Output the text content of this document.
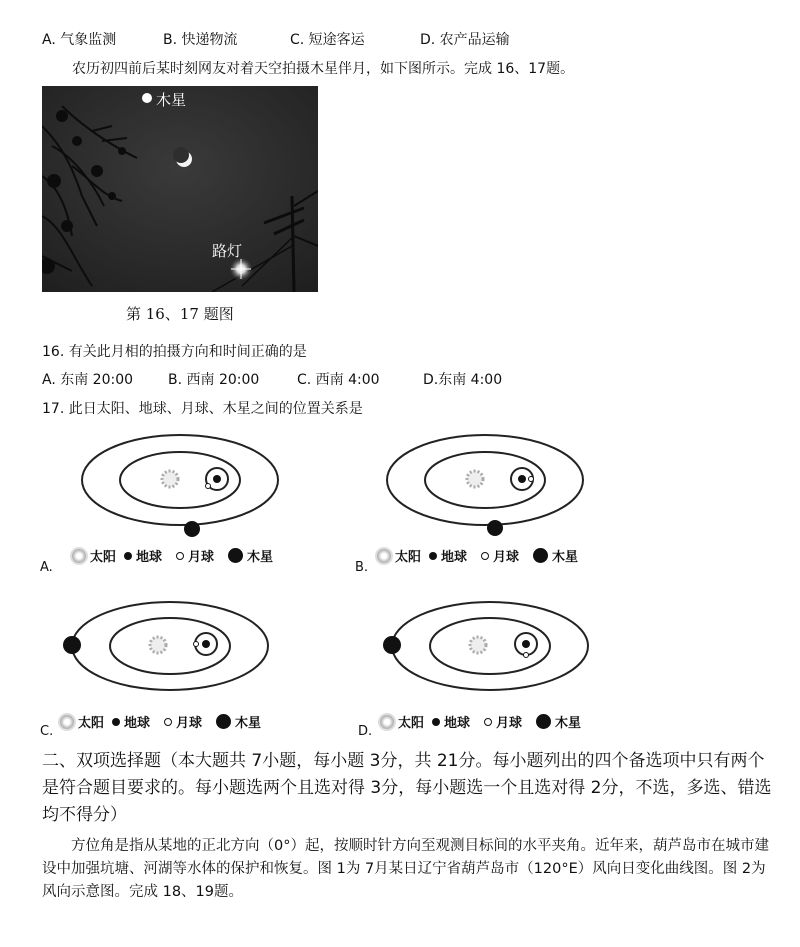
A. 气象监测	B. 快递物流	C. 短途客运	D. 农产品运输
农历初四前后某时刻网友对着天空拍摄木星伴月，如下图所示。完成 16、17题。
木星
路灯
第 16、17 题图
16. 有关此月相的拍摄方向和时间正确的是
A. 东南 20:00 B. 西南 20:00	C. 西南 4:00	D.东南 4:00
17. 此日太阳、地球、月球、木星之间的位置关系是
太阳 地球 月球	木星
A.
太阳 地球 月球	木星
B.
太阳 地球 月球	木星
C.
太阳 地球 月球	木星
D.
二、双项选择题（本大题共 7小题，每小题 3分，共 21分。每小题列出的四个备选项中只有两个是符合题目要求的。每小题选两个且选对得 3分，每小题选一个且选对得 2分，不选，多选、错选均不得分）
方位角是指从某地的正北方向（0°）起，按顺时针方向至观测目标间的水平夹角。近年来，葫芦岛市在城市建设中加强坑塘、河湖等水体的保护和恢复。图 1为 7月某日辽宁省葫芦岛市（120°E）风向日变化曲线图。图 2为风向示意图。完成 18、19题。
